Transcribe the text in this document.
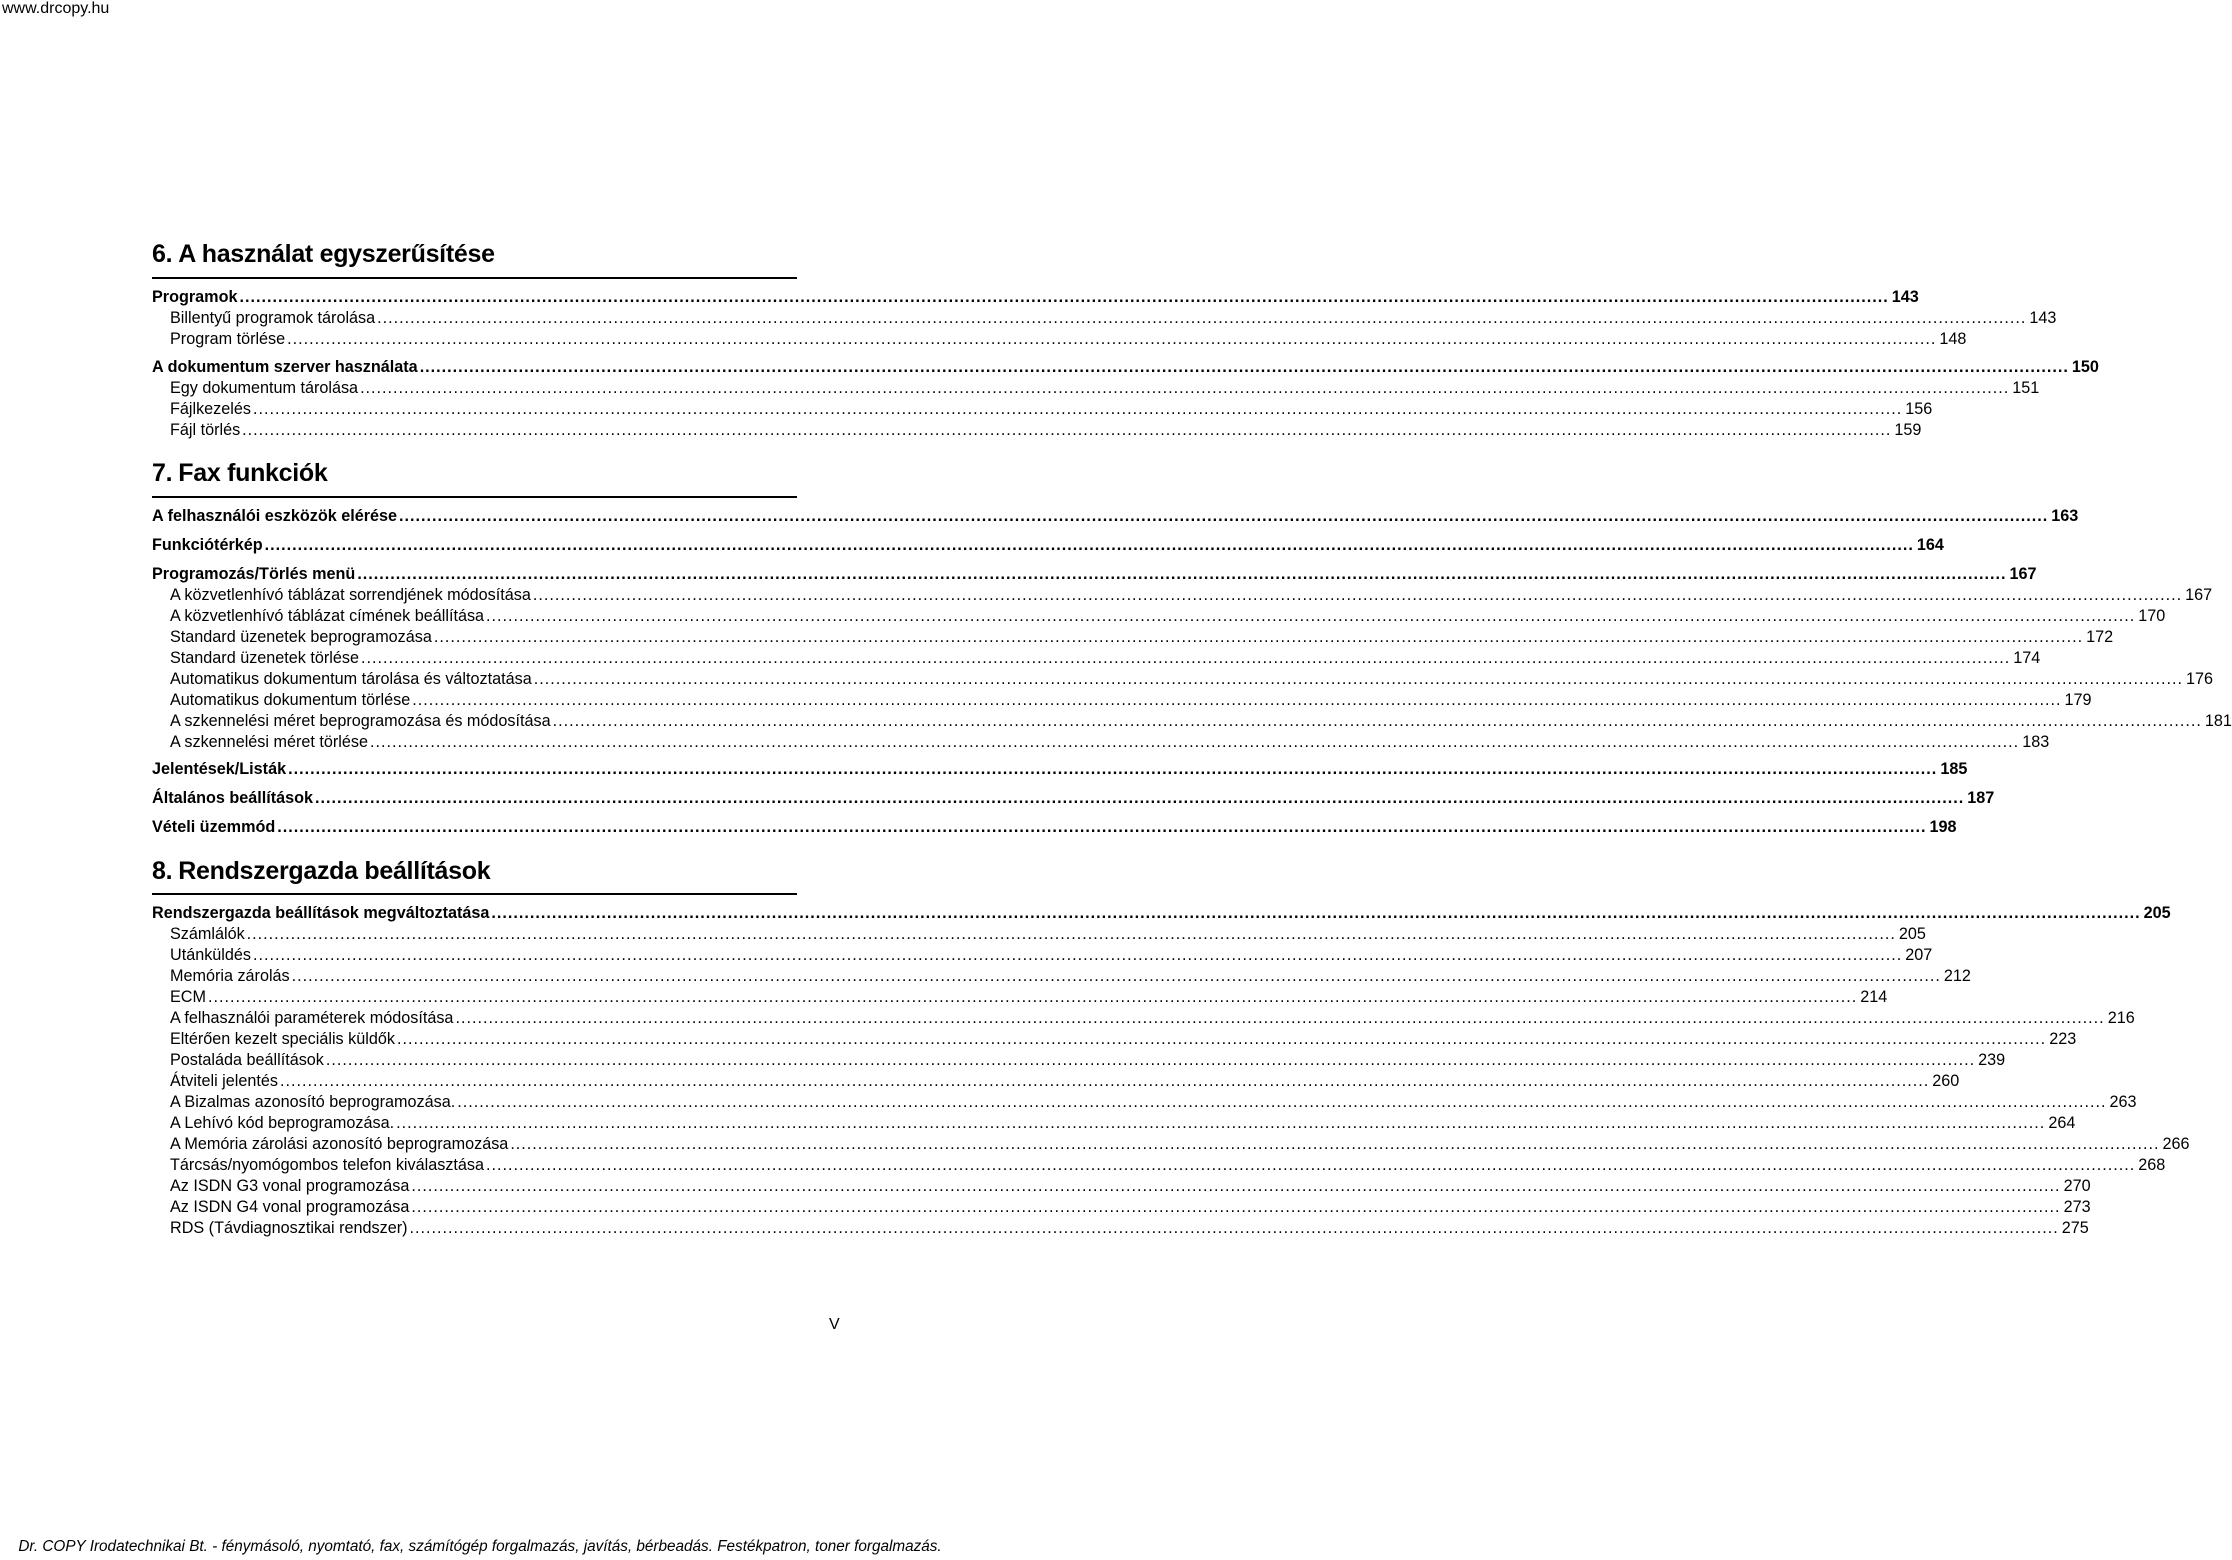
www.drcopy.hu
6. A használat egyszerűsítése
Programok ............................................................................................................................................................................................................................................................................................................ 143
Billentyű programok tárolása ............................................................................................................................................................................................................................................................................................................ 143
Program törlése ............................................................................................................................................................................................................................................................................................................ 148
A dokumentum szerver használata ............................................................................................................................................................................................................................................................................................................ 150
Egy dokumentum tárolása ............................................................................................................................................................................................................................................................................................................ 151
Fájlkezelés ............................................................................................................................................................................................................................................................................................................ 156
Fájl törlés ............................................................................................................................................................................................................................................................................................................ 159
7. Fax funkciók
A felhasználói eszközök elérése ............................................................................................................................................................................................................................................................................................................ 163
Funkciótérkép ............................................................................................................................................................................................................................................................................................................ 164
Programozás/Törlés menü ............................................................................................................................................................................................................................................................................................................ 167
A közvetlenhívó táblázat sorrendjének módosítása ............................................................................................................................................................................................................................................................................................................ 167
A közvetlenhívó táblázat címének beállítása ............................................................................................................................................................................................................................................................................................................ 170
Standard üzenetek beprogramozása ............................................................................................................................................................................................................................................................................................................ 172
Standard üzenetek törlése ............................................................................................................................................................................................................................................................................................................ 174
Automatikus dokumentum tárolása és változtatása ............................................................................................................................................................................................................................................................................................................ 176
Automatikus dokumentum törlése ............................................................................................................................................................................................................................................................................................................ 179
A szkennelési méret beprogramozása és módosítása ............................................................................................................................................................................................................................................................................................................ 181
A szkennelési méret törlése ............................................................................................................................................................................................................................................................................................................ 183
Jelentések/Listák ............................................................................................................................................................................................................................................................................................................ 185
Általános beállítások ............................................................................................................................................................................................................................................................................................................ 187
Vételi üzemmód ............................................................................................................................................................................................................................................................................................................ 198
8. Rendszergazda beállítások
Rendszergazda beállítások megváltoztatása ............................................................................................................................................................................................................................................................................................................ 205
Számlálók ............................................................................................................................................................................................................................................................................................................ 205
Utánküldés ............................................................................................................................................................................................................................................................................................................ 207
Memória zárolás ............................................................................................................................................................................................................................................................................................................ 212
ECM ............................................................................................................................................................................................................................................................................................................ 214
A felhasználói paraméterek módosítása ............................................................................................................................................................................................................................................................................................................ 216
Eltérően kezelt speciális küldők ............................................................................................................................................................................................................................................................................................................ 223
Postaláda beállítások ............................................................................................................................................................................................................................................................................................................ 239
Átviteli jelentés ............................................................................................................................................................................................................................................................................................................ 260
A Bizalmas azonosító beprogramozása. ............................................................................................................................................................................................................................................................................................................ 263
A Lehívó kód beprogramozása. ............................................................................................................................................................................................................................................................................................................ 264
A Memória zárolási azonosító beprogramozása ............................................................................................................................................................................................................................................................................................................ 266
Tárcsás/nyomógombos telefon kiválasztása ............................................................................................................................................................................................................................................................................................................ 268
Az ISDN G3 vonal programozása ............................................................................................................................................................................................................................................................................................................ 270
Az ISDN G4 vonal programozása ............................................................................................................................................................................................................................................................................................................ 273
RDS (Távdiagnosztikai rendszer) ............................................................................................................................................................................................................................................................................................................ 275
V
Dr. COPY Irodatechnikai Bt. - fénymásoló, nyomtató, fax, számítógép forgalmazás, javítás, bérbeadás. Festékpatron, toner forgalmazás.
